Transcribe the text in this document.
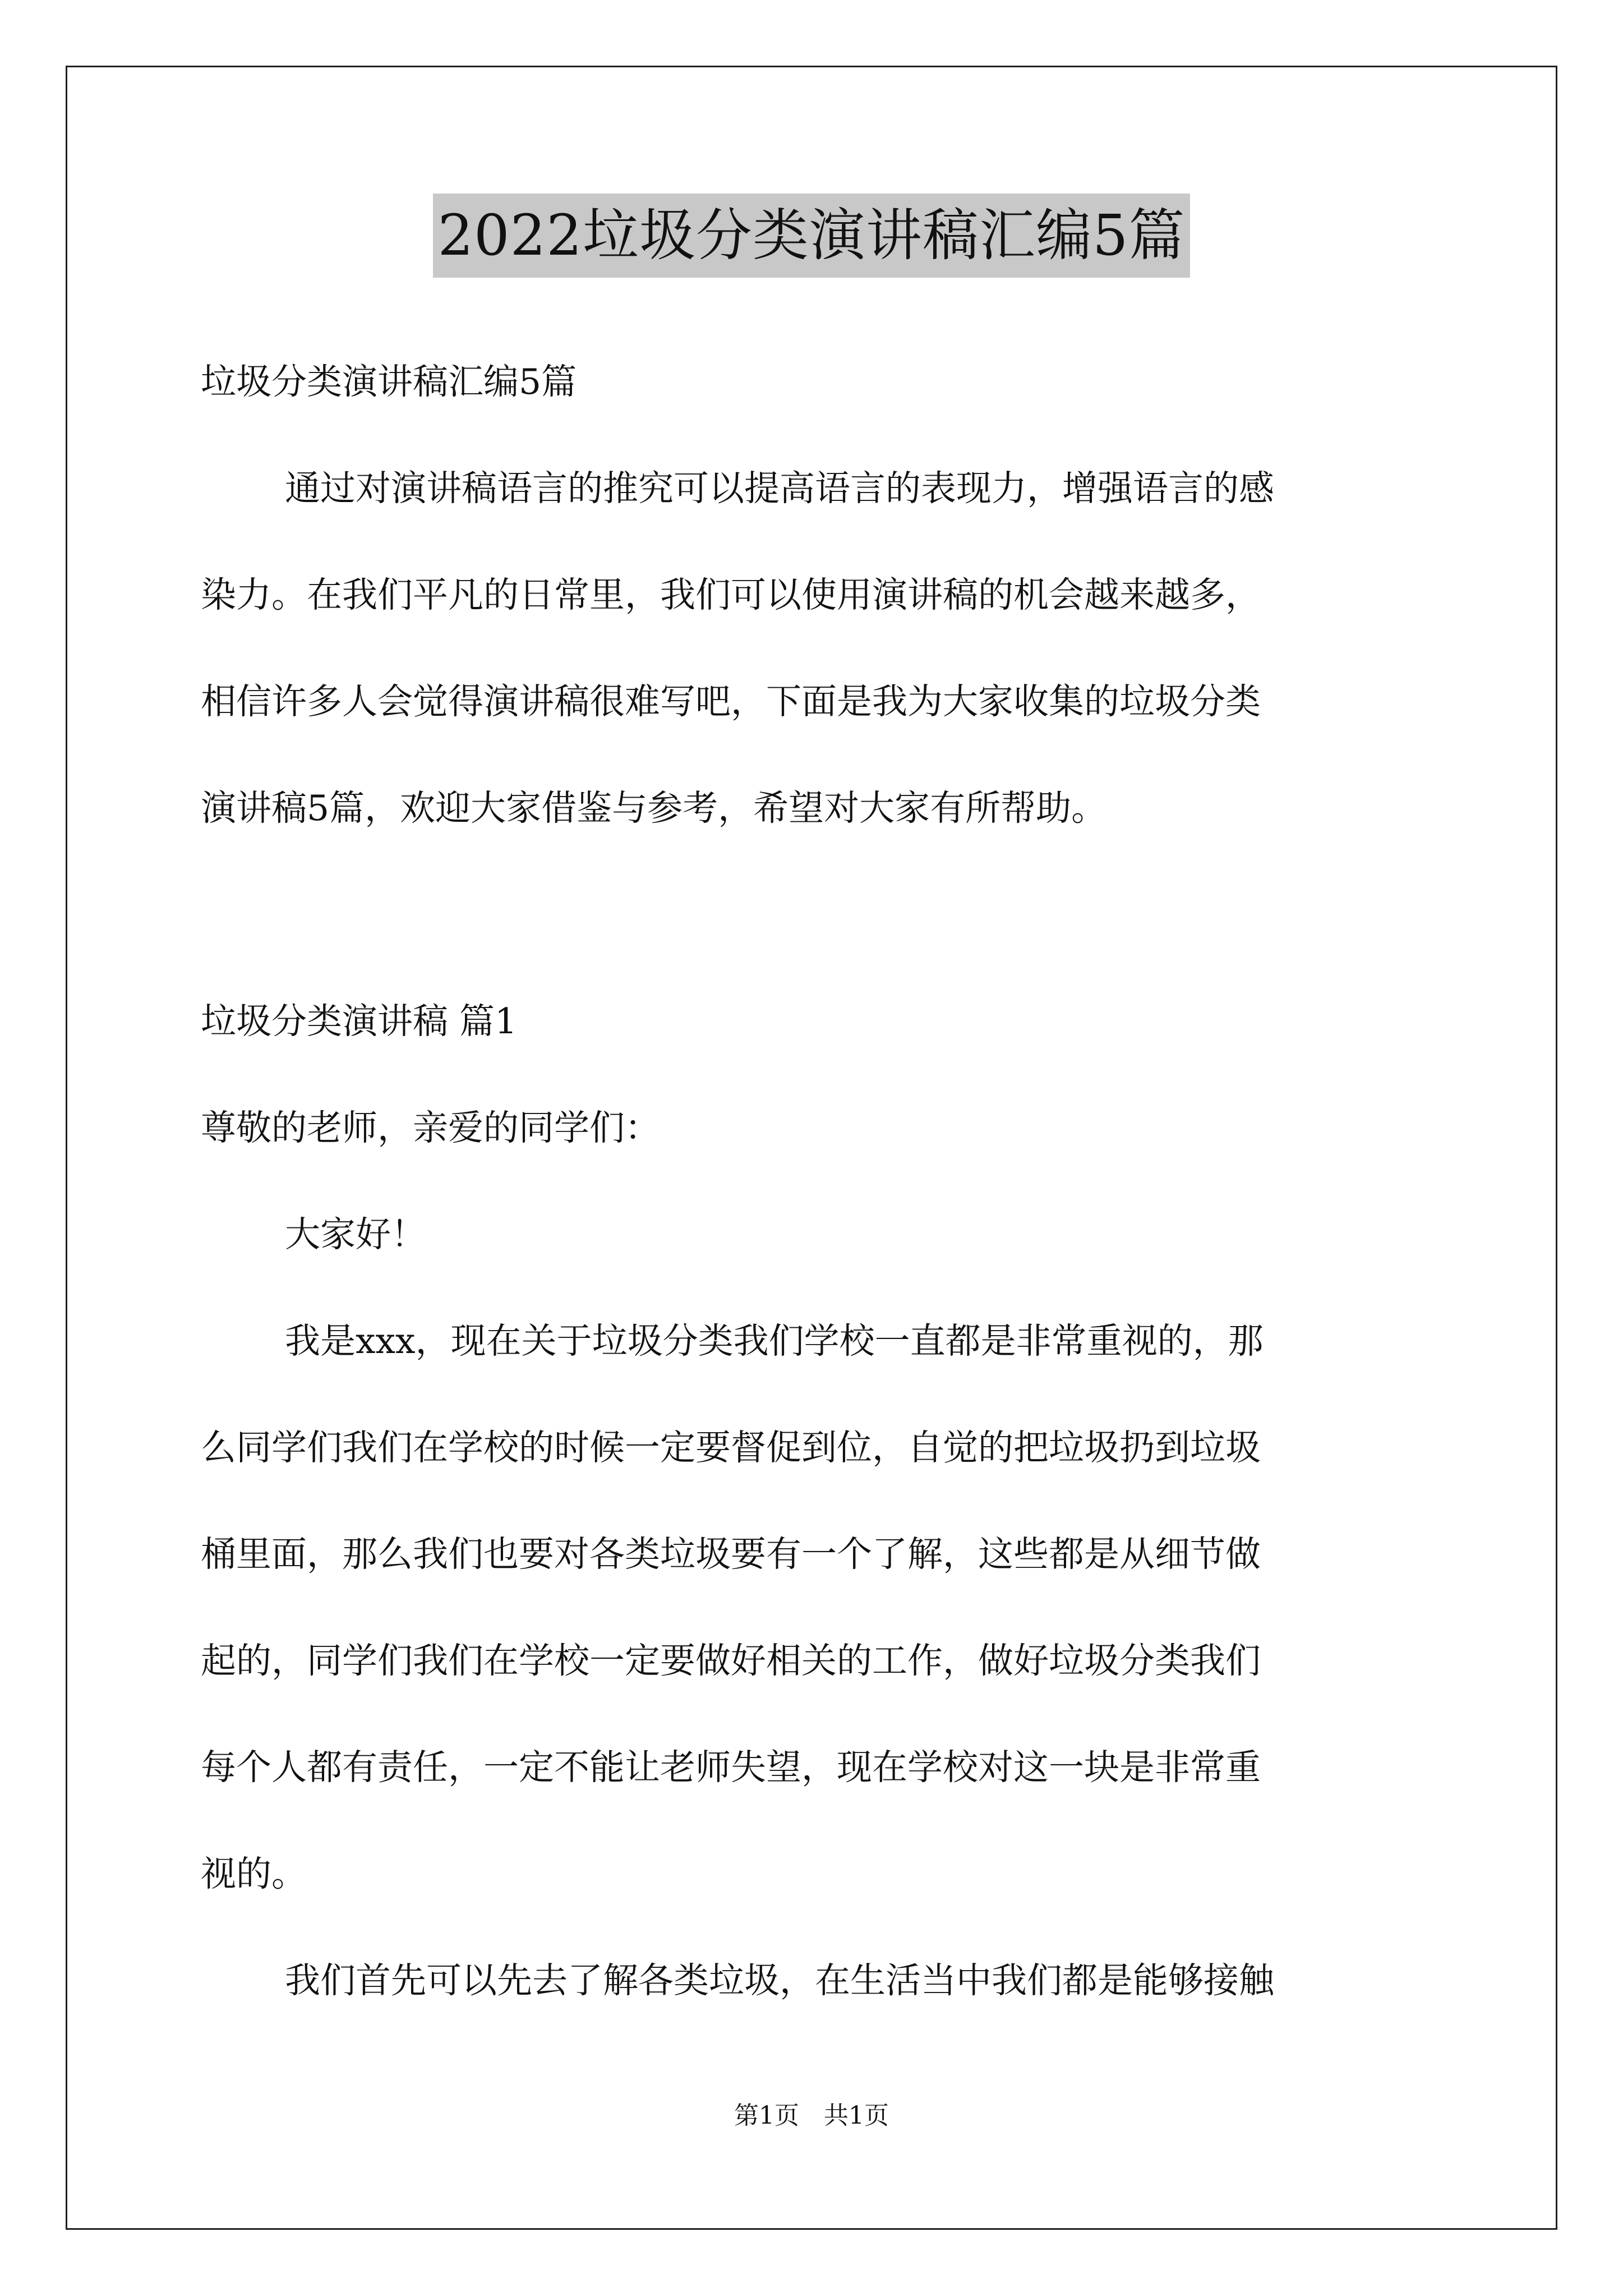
2022垃圾分类演讲稿汇编5篇
垃圾分类演讲稿汇编5篇
通过对演讲稿语言的推究可以提高语言的表现力，增强语言的感
染力。在我们平凡的日常里，我们可以使用演讲稿的机会越来越多，
相信许多人会觉得演讲稿很难写吧，下面是我为大家收集的垃圾分类
演讲稿5篇，欢迎大家借鉴与参考，希望对大家有所帮助。
垃圾分类演讲稿 篇1
尊敬的老师，亲爱的同学们：
大家好！
我是xxx，现在关于垃圾分类我们学校一直都是非常重视的，那
么同学们我们在学校的时候一定要督促到位，自觉的把垃圾扔到垃圾
桶里面，那么我们也要对各类垃圾要有一个了解，这些都是从细节做
起的，同学们我们在学校一定要做好相关的工作，做好垃圾分类我们
每个人都有责任，一定不能让老师失望，现在学校对这一块是非常重
视的。
我们首先可以先去了解各类垃圾，在生活当中我们都是能够接触
第1页　共1页
